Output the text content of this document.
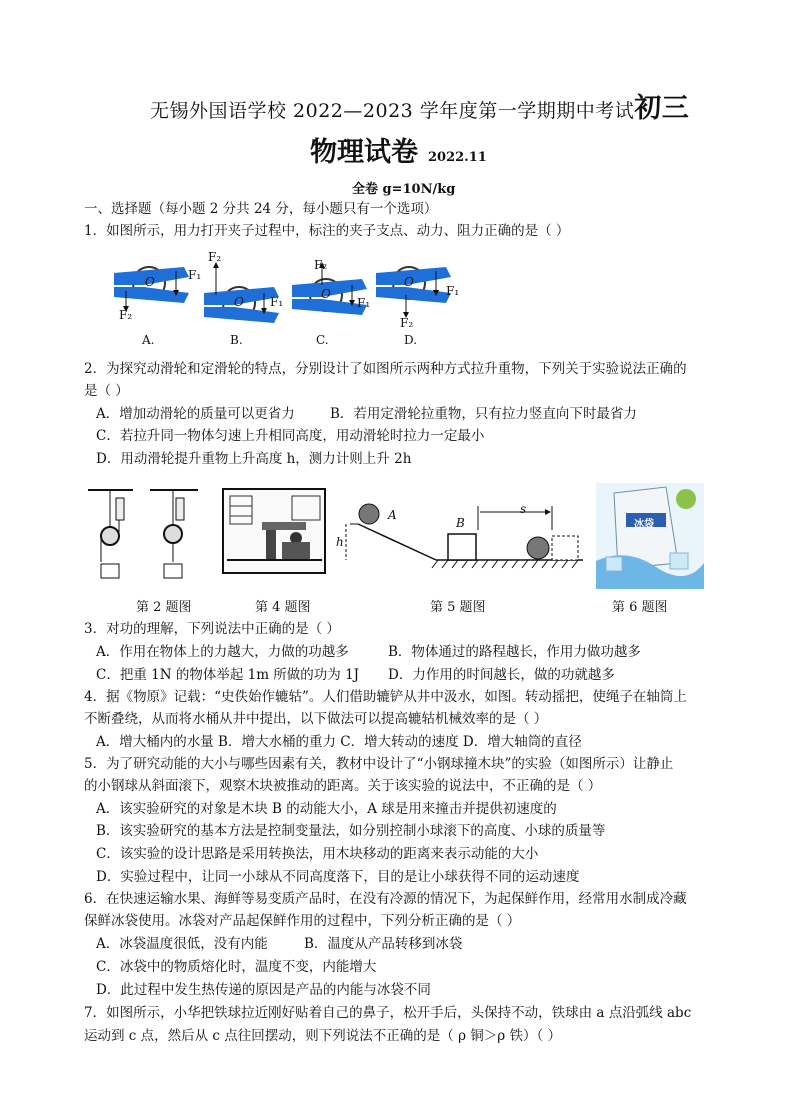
无锡外国语学校 2022—2023 学年度第一学期期中考试初三
物理试卷 2022.11
全卷 g=10N/kg
一、选择题（每小题 2 分共 24 分，每小题只有一个选项）
1．如图所示，用力打开夹子过程中，标注的夹子支点、动力、阻力正确的是（ ）
F₁
F₂
O
F₂
F₁
O
F₂
F₁
O	F₁
F₂
O
A.	B.	C.	D.
2．为探究动滑轮和定滑轮的特点，分别设计了如图所示两种方式拉升重物，下列关于实验说法正确的
是（ ）
A．增加动滑轮的质量可以更省力	B．若用定滑轮拉重物，只有拉力竖直向下时最省力
C．若拉升同一物体匀速上升相同高度，用动滑轮时拉力一定最小
D．用动滑轮提升重物上升高度 h，测力计则上升 2h
A
B
h
s
冰袋
第 2 题图	第 4 题图	第 5 题图	第 6 题图
3．对功的理解，下列说法中正确的是（ ）
A．作用在物体上的力越大，力做的功越多	B．物体通过的路程越长，作用力做功越多
C．把重 1N 的物体举起 1m 所做的功为 1J D．力作用的时间越长，做的功就越多
4．据《物原》记载：“史佚始作辘轱”。人们借助辘铲从井中汲水，如图。转动摇把，使绳子在轴筒上
不断叠绕，从而将水桶从井中提出，以下做法可以提高辘轱机械效率的是（ ）
A．增大桶内的水量 B．增大水桶的重力 C．增大转动的速度 D．增大轴筒的直径
5．为了研究动能的大小与哪些因素有关，教材中设计了“小钢球撞木块”的实验（如图所示）让静止
的小钢球从斜面滚下，观察木块被推动的距离。关于该实验的说法中，不正确的是（ ）
A．该实验研究的对象是木块 B 的动能大小，A 球是用来撞击并提供初速度的
B．该实验研究的基本方法是控制变量法，如分别控制小球滚下的高度、小球的质量等
C．该实验的设计思路是采用转换法，用木块移动的距离来表示动能的大小
D．实验过程中，让同一小球从不同高度落下，目的是让小球获得不同的运动速度
6．在快速运输水果、海鲜等易变质产品时，在没有冷源的情况下，为起保鲜作用，经常用水制成冷藏
保鲜冰袋使用。冰袋对产品起保鲜作用的过程中，下列分析正确的是（ ）
A．冰袋温度很低，没有内能	B．温度从产品转移到冰袋
C．冰袋中的物质熔化时，温度不变，内能增大
D．此过程中发生热传递的原因是产品的内能与冰袋不同
7．如图所示，小华把铁球拉近刚好贴着自己的鼻子，松开手后，头保持不动，铁球由 a 点沿弧线 abc
运动到 c 点，然后从 c 点往回摆动，则下列说法不正确的是（ ρ 铜＞ρ 铁）（ ）
